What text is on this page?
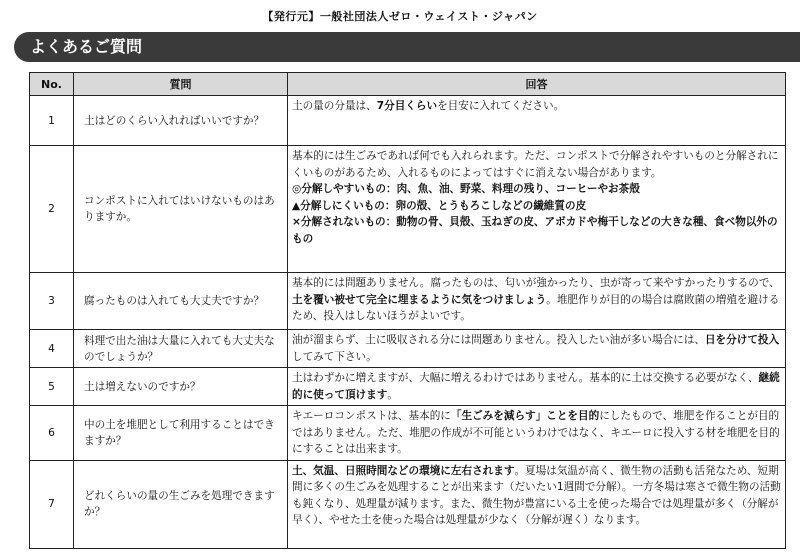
【発行元】一般社団法人ゼロ・ウェイスト・ジャパン
よくあるご質問
No.	質問	回答
1	土はどのくらい入れればいいですか？	土の量の分量は、7分目くらいを目安に入れてください。

2	コンポストに入れてはいけないものはありますか。	基本的には生ごみであれば何でも入れられます。ただ、コンポストで分解されやすいものと分解されにくいものがあるため、入れるものによってはすぐに消えない場合があります。

◎分解しやすいもの：肉、魚、油、野菜、料理の残り、コーヒーやお茶殻

▲分解しにくいもの：卵の殻、とうもろこしなどの繊維質の皮

×分解されないもの：動物の骨、貝殻、玉ねぎの皮、アボカドや梅干しなどの大きな種、食べ物以外のもの

3	腐ったものは入れても大丈夫ですか？	基本的には問題ありません。腐ったものは、匂いが強かったり、虫が寄って来やすかったりするので、土を覆い被せて完全に埋まるように気をつけましょう。堆肥作りが目的の場合は腐敗菌の増殖を避けるため、投入はしないほうがよいです。

4	料理で出た油は大量に入れても大丈夫なのでしょうか？	油が溜まらず、土に吸収される分には問題ありません。投入したい油が多い場合には、日を分けて投入してみて下さい。

5	土は増えないのですか？	土はわずかに増えますが、大幅に増えるわけではありません。基本的に土は交換する必要がなく、継続的に使って頂けます。

6	中の土を堆肥として利用することはできますか？	キエーロコンポストは、基本的に「生ごみを減らす」ことを目的にしたもので、堆肥を作ることが目的ではありません。ただ、堆肥の作成が不可能というわけではなく、キエーロに投入する材を堆肥を目的にすることは出来ます。

7	どれくらいの量の生ごみを処理できますか？	土、気温、日照時間などの環境に左右されます。夏場は気温が高く、微生物の活動も活発なため、短期間に多くの生ごみを処理することが出来ます（だいたい1週間で分解）。一方冬場は寒さで微生物の活動も鈍くなり、処理量が減ります。また、微生物が豊富にいる土を使った場合では処理量が多く（分解が早く）、やせた土を使った場合は処理量が少なく（分解が遅く）なります。
